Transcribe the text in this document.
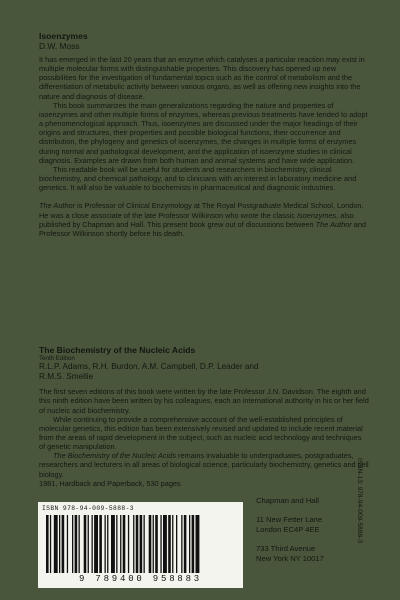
Isoenzymes

D.W. Moss

It has emerged in the last 20 years that an enzyme which catalyses a particular reaction may exist in multiple molecular forms with distinguishable properties. This discovery has opened up new possibilities for the investigation of fundamental topics such as the control of metabolism and the differentiation of metabolic activity between various organs, as well as offering new insights into the nature and diagnosis of disease.

This book summarizes the main generalizations regarding the nature and properties of isoenzymes and other multiple forms of enzymes, whereas previous treatments have tended to adopt a phenomenological approach. Thus, isoenzymes are discussed under the major headings of their origins and structures, their properties and possible biological functions, their occurrence and distribution, the phylogeny and genetics of isoenzymes, the changes in multiple forms of enzymes during normal and pathological development, and the application of isoenzyme studies in clinical diagnosis. Examples are drawn from both human and animal systems and have wide application.

This readable book will be useful for students and researchers in biochemistry, clinical biochemistry, and chemical pathology, and to clinicians with an interest in laboratory medicine and genetics. It will also be valuable to biochemists in pharmaceutical and diagnostic industries.

The Author is Professor of Clinical Enzymology at The Royal Postgraduate Medical School, London. He was a close associate of the late Professor Wilkinson who wrote the classic Isoenzymes, also published by Chapman and Hall. This present book grew out of discussions between The Author and Professor Wilkinson shortly before his death.

The Biochemistry of the Nucleic Acids

Tenth Edition

R.L.P. Adams, R.H. Burdon, A.M. Campbell, D.P. Leader and

R.M.S. Smellie

The first seven editions of this book were written by the late Professor J.N. Davidson. The eighth and this ninth edition have been written by his colleagues, each an international authority in his or her field of nucleic acid biochemistry.

While continuing to provide a comprehensive account of the well-established principles of molecular genetics, this edition has been extensively revised and updated to include recent material from the areas of rapid development in the subject, such as nucleic acid technology and techniques of genetic manipulation.

The Biochemistry of the Nucleic Acids remains invaluable to undergraduates, postgraduates, researchers and lecturers in all areas of biological science, particularly biochemistry, genetics and cell biology.

1981, Hardback and Paperback, 530 pages

Chapman and Hall
11 New Fetter Lane
London EC4P 4EE
733 Third Avenue
New York NY 10017
ISBN-13: 978-94-009-5888-3
ISBN 978-94-009-5888-3
9 789400 958883
